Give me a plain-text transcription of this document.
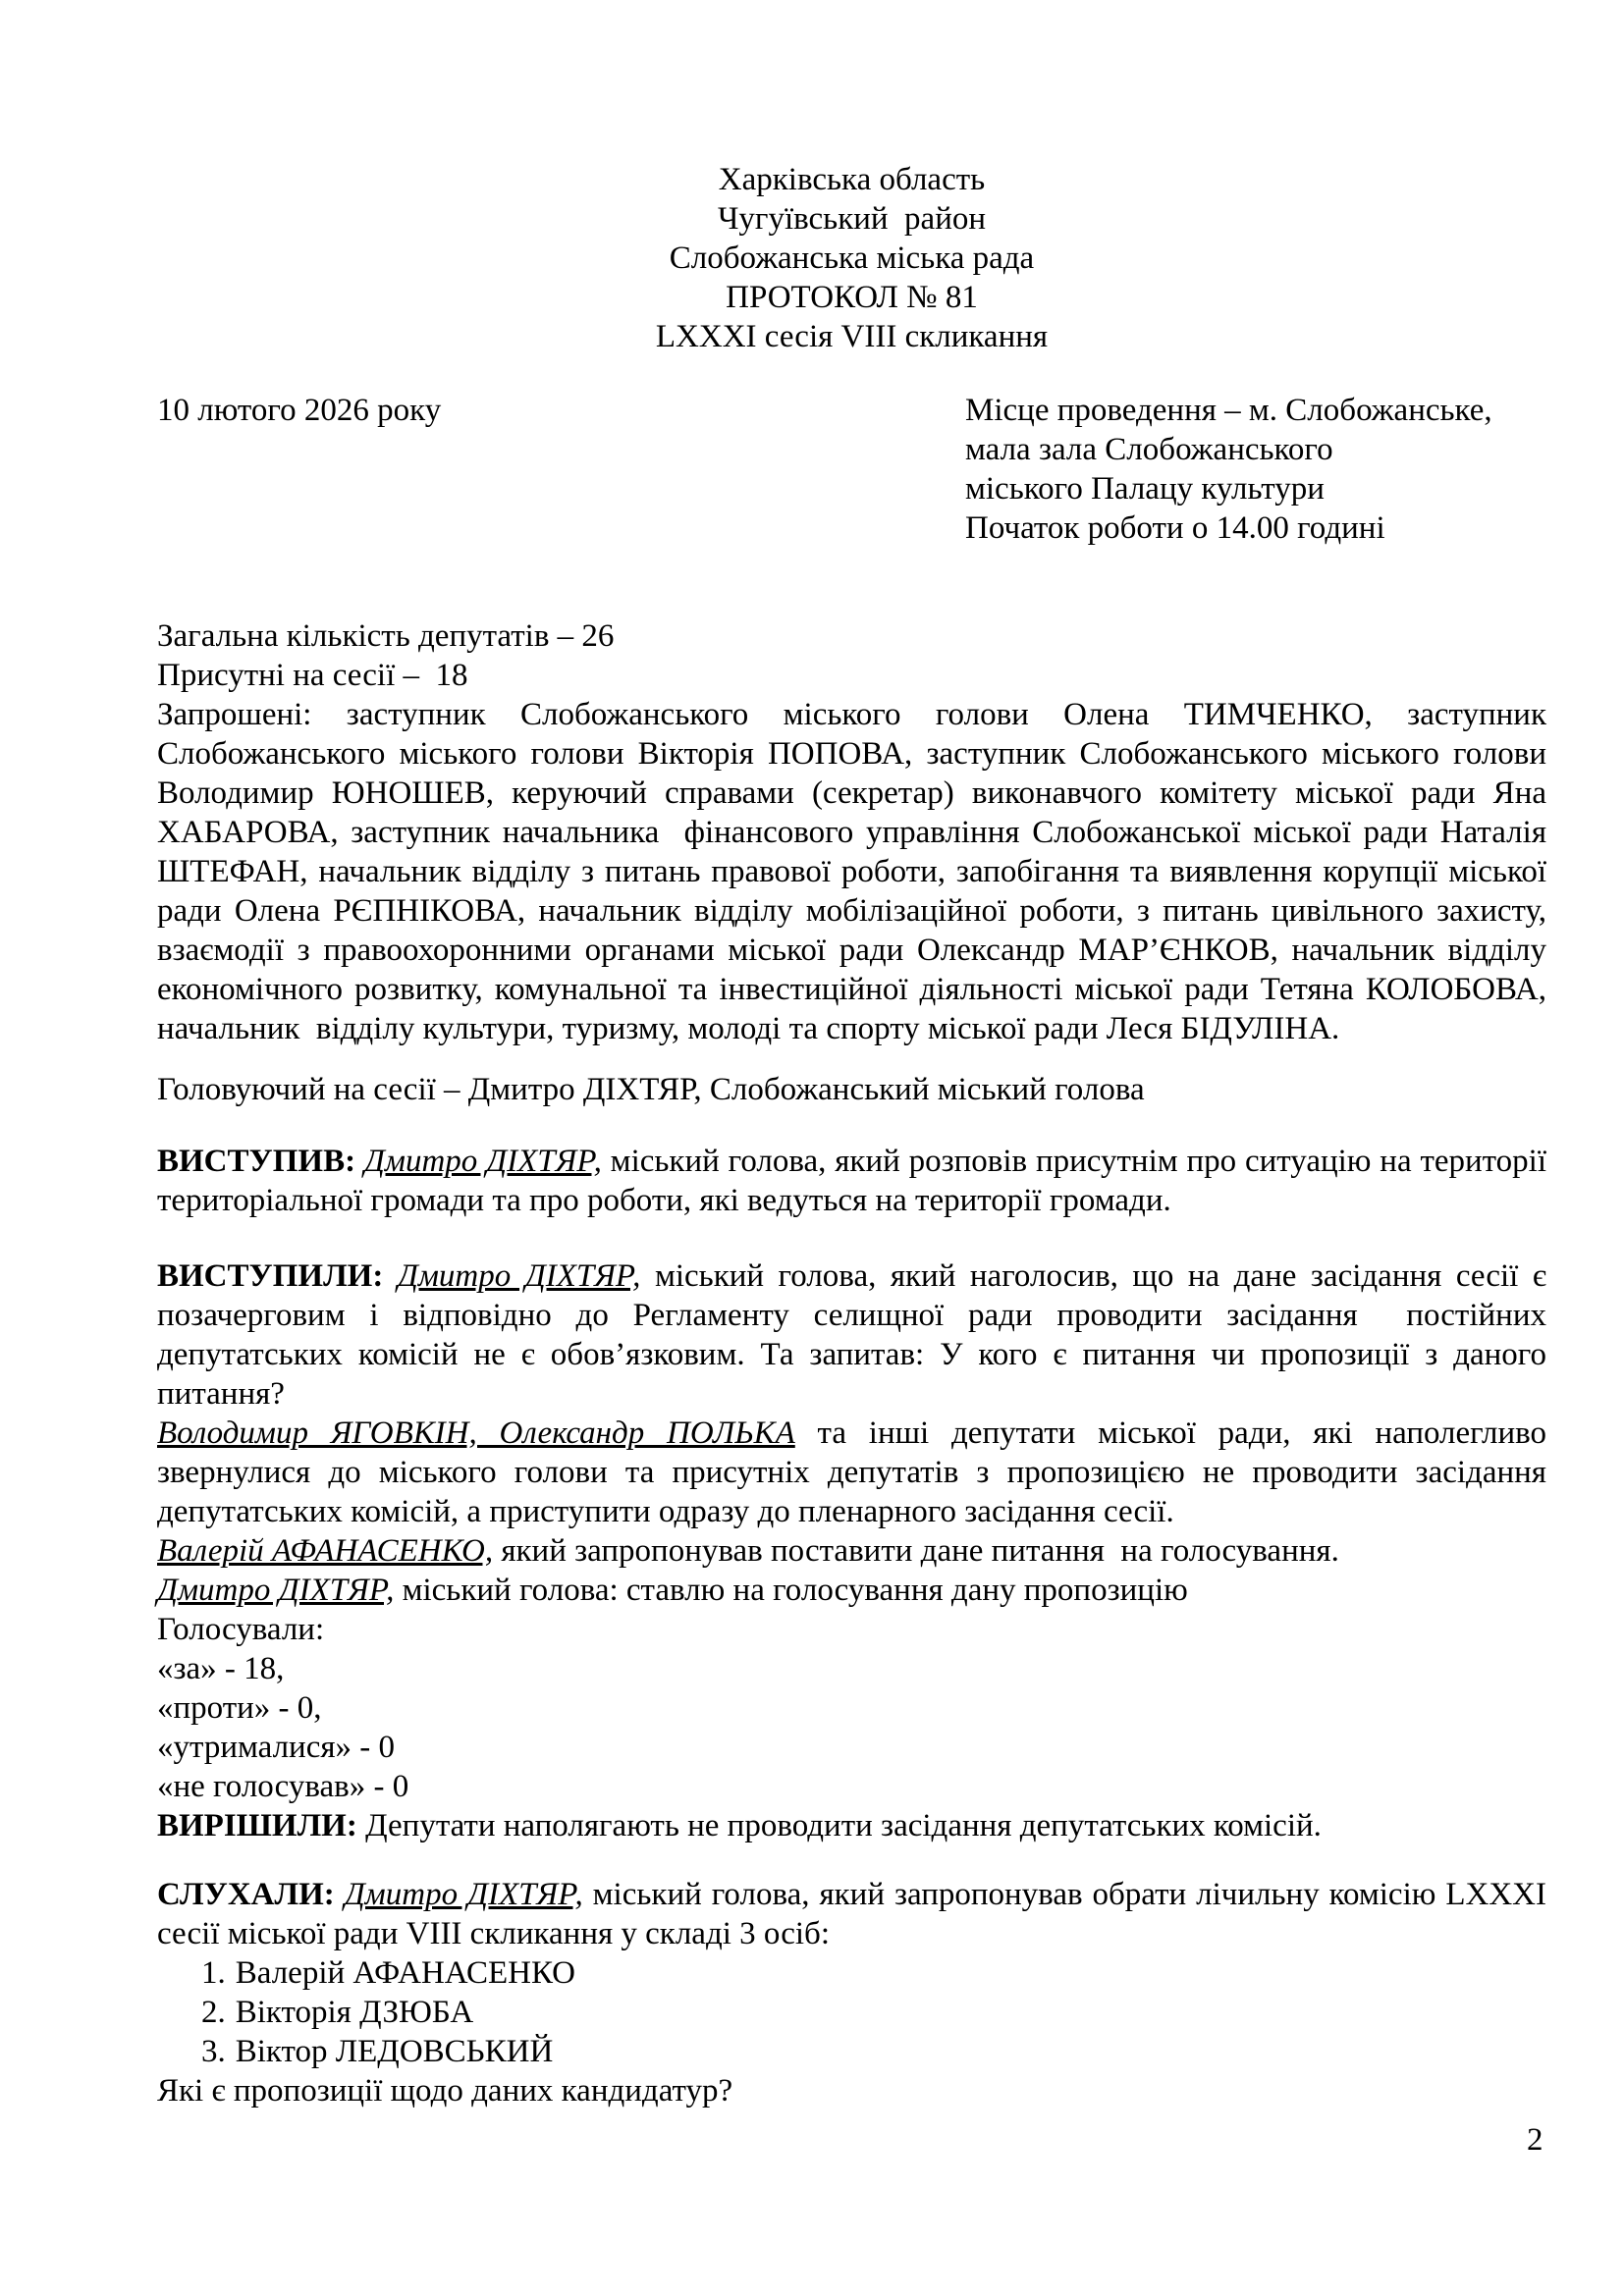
Харківська область

Чугуївський  район

Слобожанська міська рада

ПРОТОКОЛ № 81

LXXXI сесія VIII скликання

10 лютого 2026 року	Місце проведення – м. Слобожанське,

мала зала Слобожанського

міського Палацу культури

Початок роботи о 14.00 годині

Загальна кількість депутатів – 26

Присутні на сесії –  18

Запрошені: заступник Слобожанського міського голови Олена ТИМЧЕНКО, заступник Слобожанського міського голови Вікторія ПОПОВА, заступник Слобожанського міського голови Володимир ЮНОШЕВ, керуючий справами (секретар) виконавчого комітету міської ради Яна ХАБАРОВА, заступник начальника  фінансового управління Слобожанської міської ради Наталія ШТЕФАН, начальник відділу з питань правової роботи, запобігання та виявлення корупції міської ради Олена РЄПНІКОВА, начальник відділу мобілізаційної роботи, з питань цивільного захисту, взаємодії з правоохоронними органами міської ради Олександр МАР’ЄНКОВ, начальник відділу економічного розвитку, комунальної та інвестиційної діяльності міської ради Тетяна КОЛОБОВА, начальник  відділу культури, туризму, молоді та спорту міської ради Леся БІДУЛІНА.

Головуючий на сесії – Дмитро ДІХТЯР, Слобожанський міський голова

ВИСТУПИВ: Дмитро ДІХТЯР, міський голова, який розповів присутнім про ситуацію на території територіальної громади та про роботи, які ведуться на території громади.

ВИСТУПИЛИ: Дмитро ДІХТЯР, міський голова, який наголосив, що на дане засідання сесії є позачерговим і відповідно до Регламенту селищної ради проводити засідання  постійних депутатських комісій не є обов’язковим. Та запитав: У кого є питання чи пропозиції з даного питання?

Володимир ЯГОВКІН, Олександр ПОЛЬКА та інші депутати міської ради, які наполегливо звернулися до міського голови та присутніх депутатів з пропозицією не проводити засідання депутатських комісій, а приступити одразу до пленарного засідання сесії.

Валерій АФАНАСЕНКО, який запропонував поставити дане питання  на голосування.

Дмитро ДІХТЯР, міський голова: ставлю на голосування дану пропозицію

Голосували:

«за» - 18,

«проти» - 0,

«утрималися» - 0

«не голосував» - 0

ВИРІШИЛИ: Депутати наполягають не проводити засідання депутатських комісій.

СЛУХАЛИ: Дмитро ДІХТЯР, міський голова, який запропонував обрати лічильну комісію LXXXI сесії міської ради VIII скликання у складі 3 осіб:

1. Валерій АФАНАСЕНКО

2. Вікторія ДЗЮБА

3. Віктор ЛЕДОВСЬКИЙ

Які є пропозиції щодо даних кандидатур?

2
